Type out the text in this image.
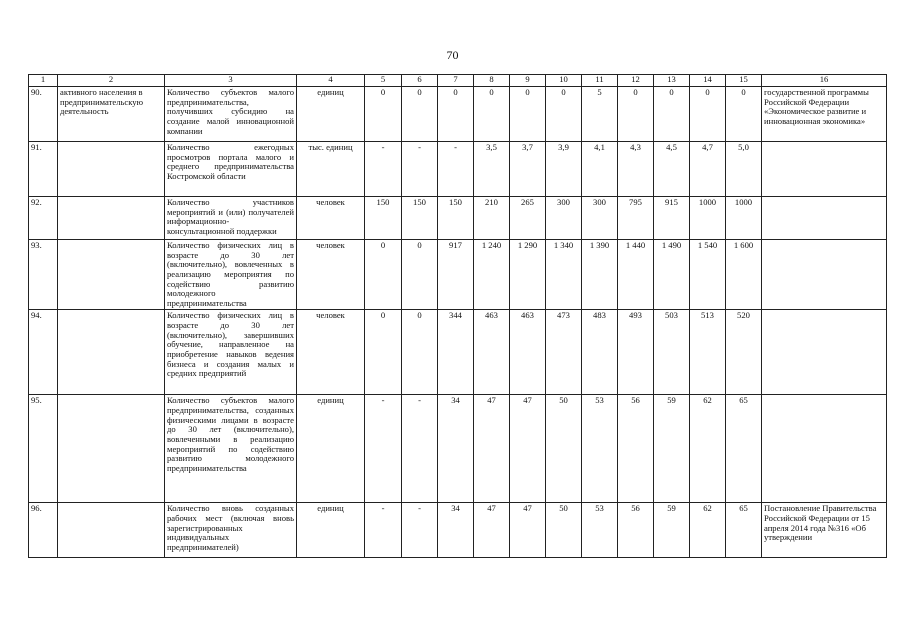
70
1	2	3	4	5	6	7	8	9	10	11	12	13	14	15	16
90.	активного населения в предпринимательскую деятельность	Количество субъектов малого предпринимательства, получивших субсидию на создание малой инновационной компании	единиц	0	0	0	0	0	0	5	0	0	0	0	государственной программы Российской Федерации «Экономическое развитие и инновационная экономика»
91.		Количество ежегодных просмотров портала малого и среднего предпринимательства Костромской области	тыс. единиц	-	-	-	3,5	3,7	3,9	4,1	4,3	4,5	4,7	5,0	
92.		Количество участников мероприятий и (или) получателей информационно-консультационной поддержки	человек	150	150	150	210	265	300	300	795	915	1000	1000	
93.		Количество физических лиц в возрасте до 30 лет (включительно), вовлеченных в реализацию мероприятия по содействию развитию молодежного предпринимательства	человек	0	0	917	1 240	1 290	1 340	1 390	1 440	1 490	1 540	1 600	
94.		Количество физических лиц в возрасте до 30 лет (включительно), завершивших обучение, направленное на приобретение навыков ведения бизнеса и создания малых и средних предприятий	человек	0	0	344	463	463	473	483	493	503	513	520	
95.		Количество субъектов малого предпринимательства, созданных физическими лицами в возрасте до 30 лет (включительно), вовлеченными в реализацию мероприятий по содействию развитию молодежного предпринимательства	единиц	-	-	34	47	47	50	53	56	59	62	65	
96.		Количество вновь созданных рабочих мест (включая вновь зарегистрированных индивидуальных предпринимателей)	единиц	-	-	34	47	47	50	53	56	59	62	65	Постановление Правительства Российской Федерации от 15 апреля 2014 года №316 «Об утверждении
